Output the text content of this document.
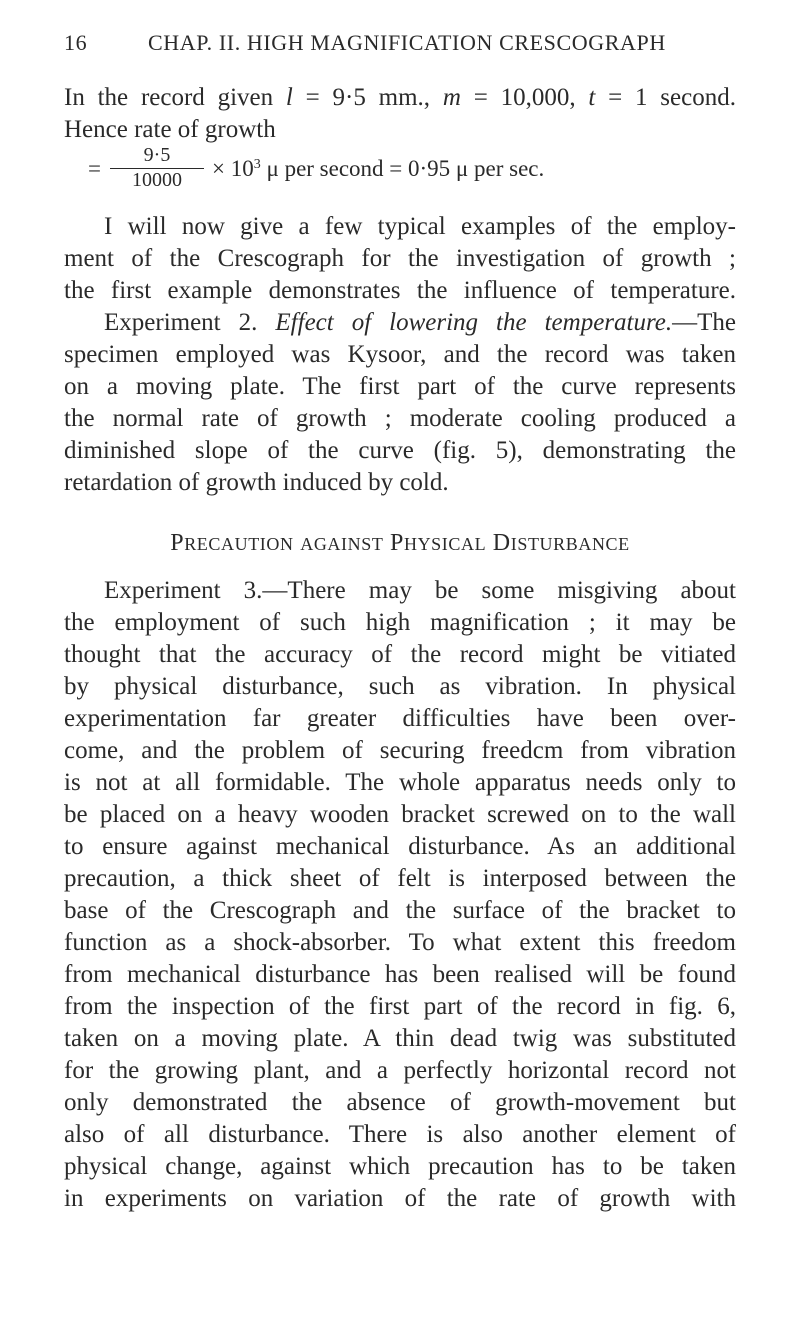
16	CHAP. II. HIGH MAGNIFICATION CRESCOGRAPH
In the record given l = 9·5 mm., m = 10,000, t = 1 second.
Hence rate of growth
=
9·5
10000	× $10^3$ μ per second = 0·95 μ per sec.
I will now give a few typical examples of the employ-
ment of the Crescograph for the investigation of growth ;
the first example demonstrates the influence of temperature.
Experiment 2. Effect of lowering the temperature.—The
specimen employed was Kysoor, and the record was taken
on a moving plate. The first part of the curve represents
the normal rate of growth ; moderate cooling produced a
diminished slope of the curve (fig. 5), demonstrating the
retardation of growth induced by cold.
PRECAUTION AGAINST PHYSICAL DISTURBANCE
Experiment 3.—There may be some misgiving about
the employment of such high magnification ; it may be
thought that the accuracy of the record might be vitiated
by physical disturbance, such as vibration. In physical
experimentation far greater difficulties have been over-
come, and the problem of securing freedcm from vibration
is not at all formidable. The whole apparatus needs only to
be placed on a heavy wooden bracket screwed on to the wall
to ensure against mechanical disturbance. As an additional
precaution, a thick sheet of felt is interposed between the
base of the Crescograph and the surface of the bracket to
function as a shock-absorber. To what extent this freedom
from mechanical disturbance has been realised will be found
from the inspection of the first part of the record in fig. 6,
taken on a moving plate. A thin dead twig was substituted
for the growing plant, and a perfectly horizontal record not
only demonstrated the absence of growth-movement but
also of all disturbance. There is also another element of
physical change, against which precaution has to be taken
in experiments on variation of the rate of growth with
